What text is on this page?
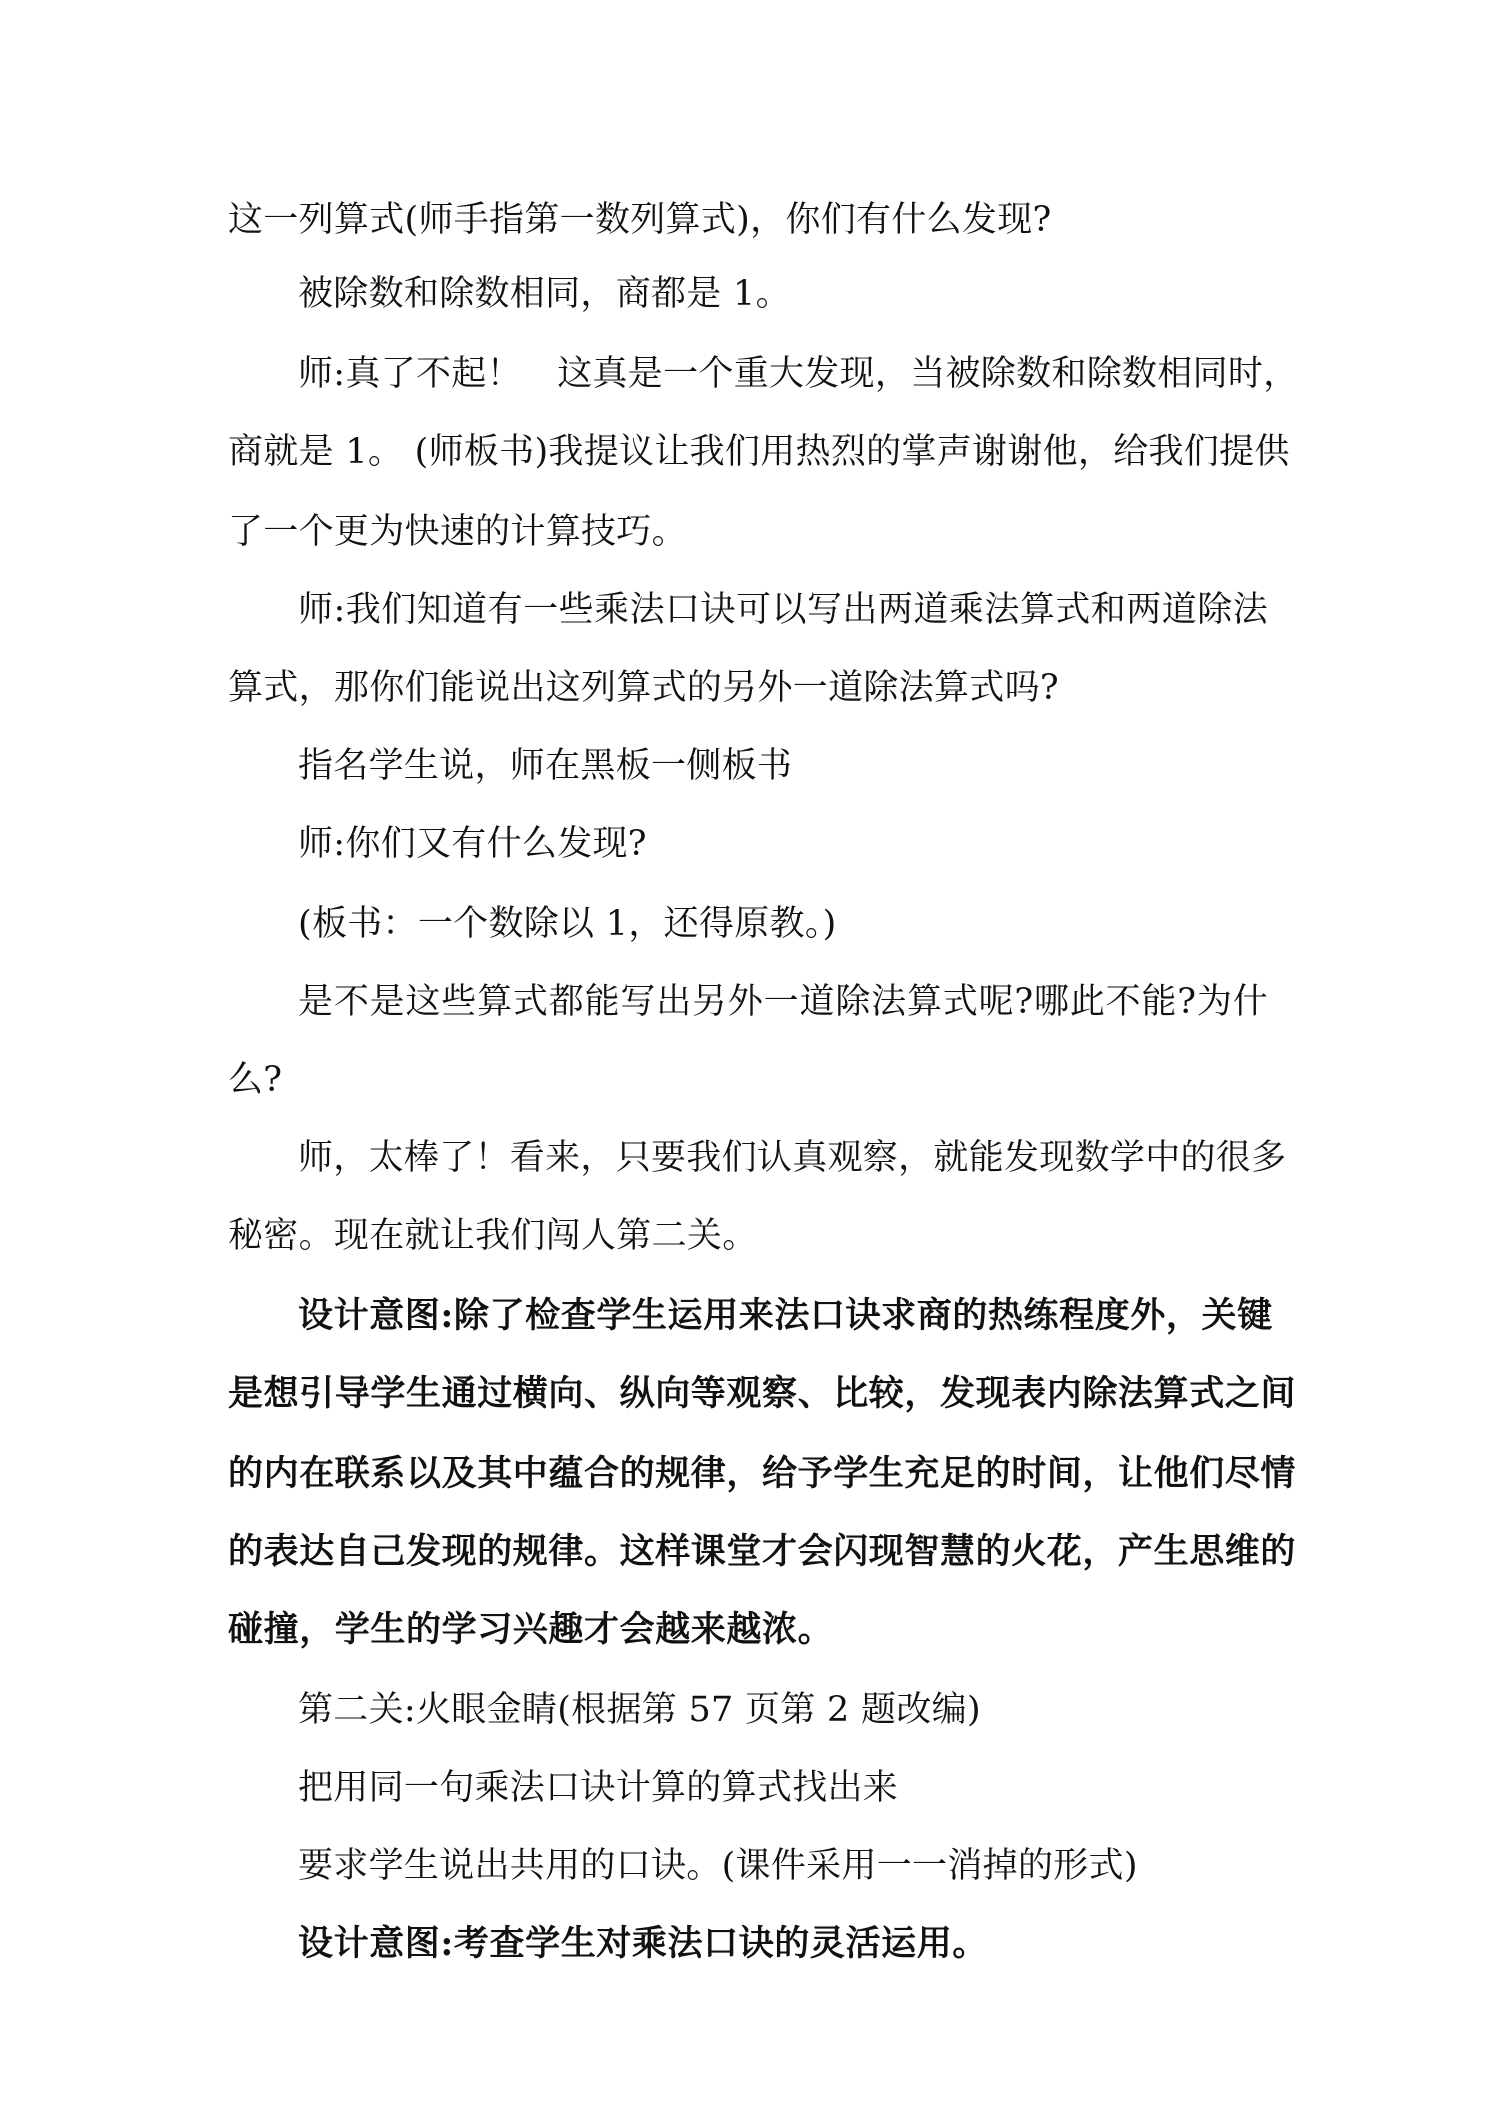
这一列算式(师手指第一数列算式)，你们有什么发现?
被除数和除数相同，商都是 1。
师:真了不起！　这真是一个重大发现，当被除数和除数相同时，
商就是 1。 (师板书)我提议让我们用热烈的掌声谢谢他，给我们提供
了一个更为快速的计算技巧。
师:我们知道有一些乘法口诀可以写出两道乘法算式和两道除法
算式，那你们能说出这列算式的另外一道除法算式吗?
指名学生说，师在黑板一侧板书
师:你们又有什么发现?
(板书：一个数除以 1，还得原教。)
是不是这些算式都能写出另外一道除法算式呢?哪此不能?为什
么?
师，太棒了！看来，只要我们认真观察，就能发现数学中的很多
秘密。现在就让我们闯人第二关。
设计意图:除了检查学生运用来法口诀求商的热练程度外，关键
是想引导学生通过横向、纵向等观察、比较，发现表内除法算式之间
的内在联系以及其中蕴合的规律，给予学生充足的时间，让他们尽情
的表达自己发现的规律。这样课堂才会闪现智慧的火花，产生思维的
碰撞，学生的学习兴趣才会越来越浓。
第二关:火眼金睛(根据第 57 页第 2 题改编)
把用同一句乘法口诀计算的算式找出来
要求学生说出共用的口诀。(课件采用一一消掉的形式)
设计意图:考查学生对乘法口诀的灵活运用。
